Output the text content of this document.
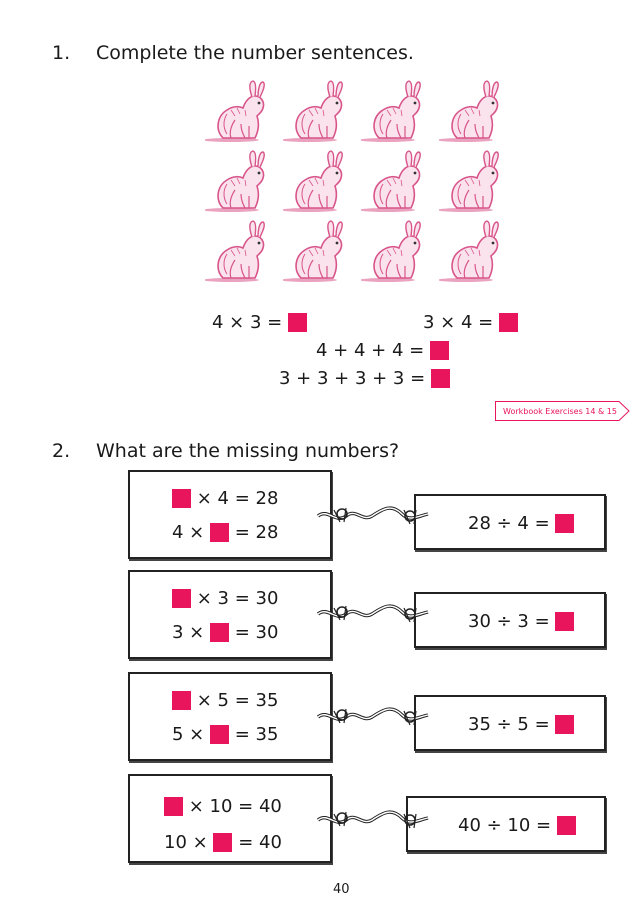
1. Complete the number sentences.
4 × 3 =
	3 × 4 =

4 + 4 + 4 =

3 + 3 + 3 + 3 =

Workbook Exercises 14 & 15
2. What are the missing numbers?

× 4 = 28
4 ×

= 28	28 ÷ 4 =

× 3 = 30
3 ×

= 30
30 ÷ 3 =

× 5 = 35
5 ×

= 35	35 ÷ 5 =

× 10 = 40
10 ×

= 40
40 ÷ 10 =

40
